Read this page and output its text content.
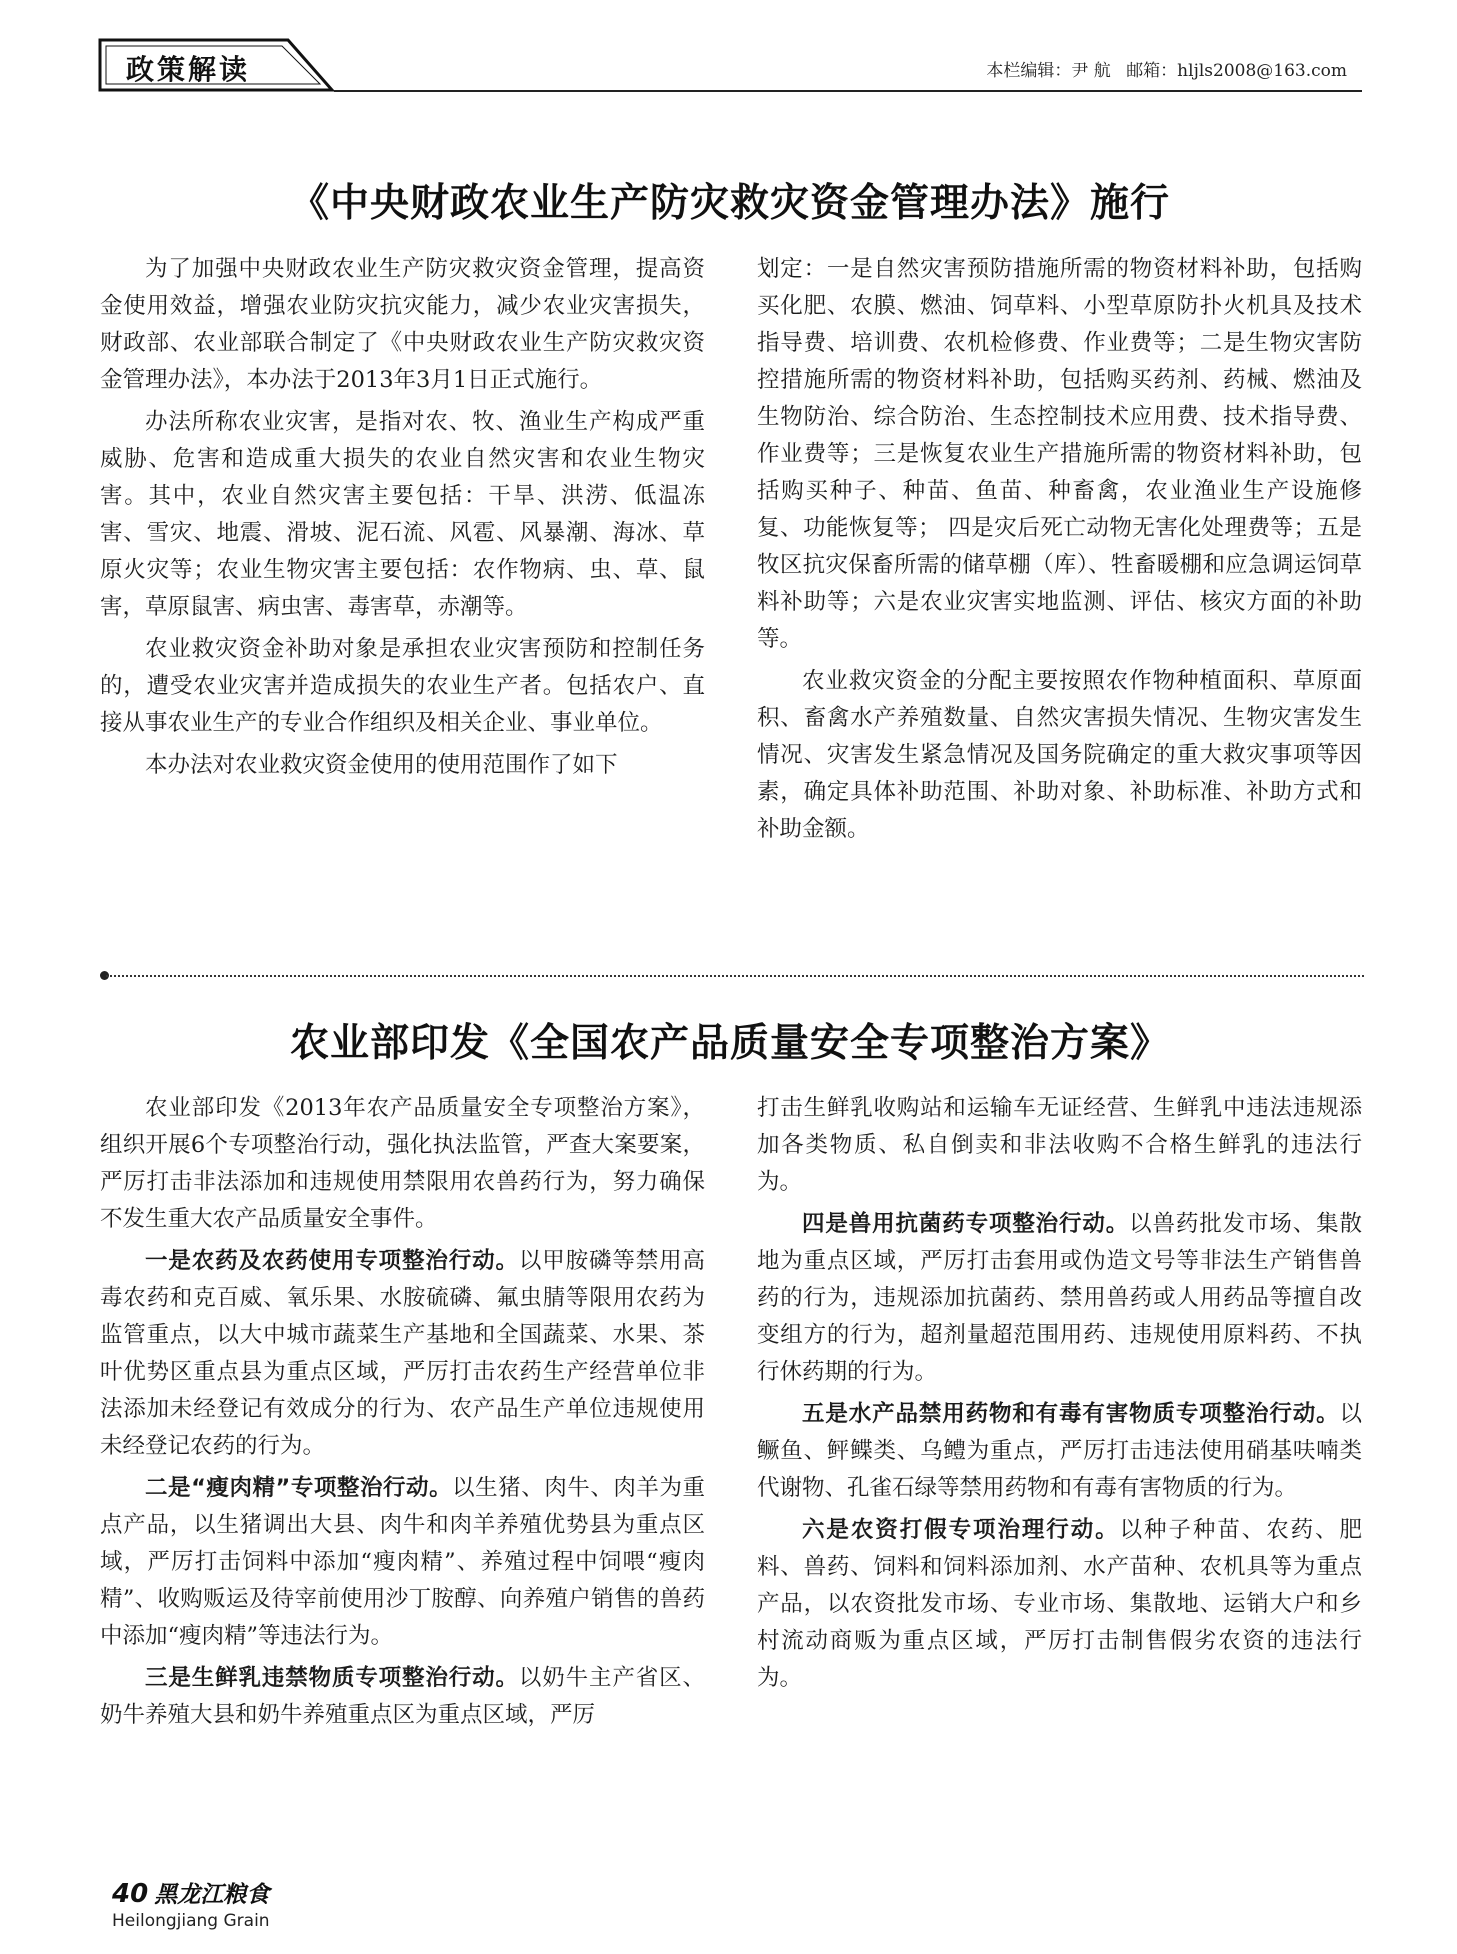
政策解读	本栏编辑：尹 航 邮箱：hljls2008@163.com
《中央财政农业生产防灾救灾资金管理办法》施行

为了加强中央财政农业生产防灾救灾资金管理，提高资金使用效益，增强农业防灾抗灾能力，减少农业灾害损失，财政部、农业部联合制定了《中央财政农业生产防灾救灾资金管理办法》，本办法于2013年3月1日正式施行。

办法所称农业灾害，是指对农、牧、渔业生产构成严重威胁、危害和造成重大损失的农业自然灾害和农业生物灾害。其中，农业自然灾害主要包括：干旱、洪涝、低温冻害、雪灾、地震、滑坡、泥石流、风雹、风暴潮、海冰、草原火灾等；农业生物灾害主要包括：农作物病、虫、草、鼠害，草原鼠害、病虫害、毒害草，赤潮等。

农业救灾资金补助对象是承担农业灾害预防和控制任务的，遭受农业灾害并造成损失的农业生产者。包括农户、直接从事农业生产的专业合作组织及相关企业、事业单位。

本办法对农业救灾资金使用的使用范围作了如下

划定：一是自然灾害预防措施所需的物资材料补助，包括购买化肥、农膜、燃油、饲草料、小型草原防扑火机具及技术指导费、培训费、农机检修费、作业费等；二是生物灾害防控措施所需的物资材料补助，包括购买药剂、药械、燃油及生物防治、综合防治、生态控制技术应用费、技术指导费、作业费等；三是恢复农业生产措施所需的物资材料补助，包括购买种子、种苗、鱼苗、种畜禽，农业渔业生产设施修复、功能恢复等； 四是灾后死亡动物无害化处理费等；五是牧区抗灾保畜所需的储草棚（库）、牲畜暖棚和应急调运饲草料补助等；六是农业灾害实地监测、评估、核灾方面的补助等。

农业救灾资金的分配主要按照农作物种植面积、草原面积、畜禽水产养殖数量、自然灾害损失情况、生物灾害发生情况、灾害发生紧急情况及国务院确定的重大救灾事项等因素，确定具体补助范围、补助对象、补助标准、补助方式和补助金额。

农业部印发《全国农产品质量安全专项整治方案》

农业部印发《2013年农产品质量安全专项整治方案》，组织开展6个专项整治行动，强化执法监管，严查大案要案，严厉打击非法添加和违规使用禁限用农兽药行为，努力确保不发生重大农产品质量安全事件。

一是农药及农药使用专项整治行动。以甲胺磷等禁用高毒农药和克百威、氧乐果、水胺硫磷、氟虫腈等限用农药为监管重点，以大中城市蔬菜生产基地和全国蔬菜、水果、茶叶优势区重点县为重点区域，严厉打击农药生产经营单位非法添加未经登记有效成分的行为、农产品生产单位违规使用未经登记农药的行为。

二是“瘦肉精”专项整治行动。以生猪、肉牛、肉羊为重点产品，以生猪调出大县、肉牛和肉羊养殖优势县为重点区域，严厉打击饲料中添加“瘦肉精”、养殖过程中饲喂“瘦肉精”、收购贩运及待宰前使用沙丁胺醇、向养殖户销售的兽药中添加“瘦肉精”等违法行为。

三是生鲜乳违禁物质专项整治行动。以奶牛主产省区、奶牛养殖大县和奶牛养殖重点区为重点区域，严厉

打击生鲜乳收购站和运输车无证经营、生鲜乳中违法违规添加各类物质、私自倒卖和非法收购不合格生鲜乳的违法行为。

四是兽用抗菌药专项整治行动。以兽药批发市场、集散地为重点区域，严厉打击套用或伪造文号等非法生产销售兽药的行为，违规添加抗菌药、禁用兽药或人用药品等擅自改变组方的行为，超剂量超范围用药、违规使用原料药、不执行休药期的行为。

五是水产品禁用药物和有毒有害物质专项整治行动。以鳜鱼、鲆鲽类、乌鳢为重点，严厉打击违法使用硝基呋喃类代谢物、孔雀石绿等禁用药物和有毒有害物质的行为。

六是农资打假专项治理行动。以种子种苗、农药、肥料、兽药、饲料和饲料添加剂、水产苗种、农机具等为重点产品，以农资批发市场、专业市场、集散地、运销大户和乡村流动商贩为重点区域，严厉打击制售假劣农资的违法行为。

40 黑龙江粮食
Heilongjiang Grain
